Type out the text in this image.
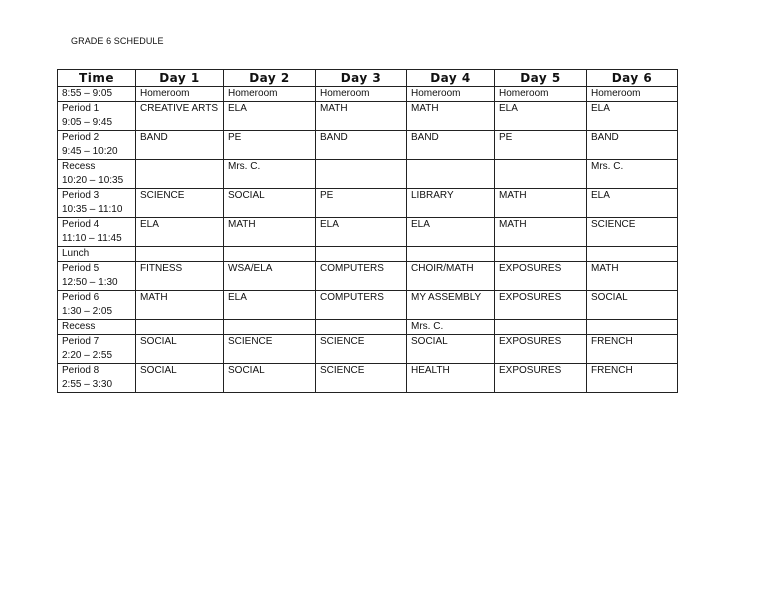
GRADE 6 SCHEDULE
Time	Day 1	Day 2	Day 3	Day 4	Day 5	Day 6

8:55 – 9:05	Homeroom	Homeroom	Homeroom	Homeroom	Homeroom	Homeroom

Period 1
9:05 – 9:45	CREATIVE ARTS	ELA	MATH	MATH	ELA	ELA

Period 2
9:45 – 10:20	BAND	PE	BAND	BAND	PE	BAND

Recess
10:20 – 10:35		Mrs. C.				Mrs. C.

Period 3
10:35 – 11:10	SCIENCE	SOCIAL	PE	LIBRARY	MATH	ELA

Period 4
11:10 – 11:45	ELA	MATH	ELA	ELA	MATH	SCIENCE

Lunch						

Period 5
12:50 – 1:30	FITNESS	WSA/ELA	COMPUTERS	CHOIR/MATH	EXPOSURES	MATH

Period 6
1:30 – 2:05	MATH	ELA	COMPUTERS	MY ASSEMBLY	EXPOSURES	SOCIAL

Recess				Mrs. C.		

Period 7
2:20 – 2:55	SOCIAL	SCIENCE	SCIENCE	SOCIAL	EXPOSURES	FRENCH

Period 8
2:55 – 3:30	SOCIAL	SOCIAL	SCIENCE	HEALTH	EXPOSURES	FRENCH
